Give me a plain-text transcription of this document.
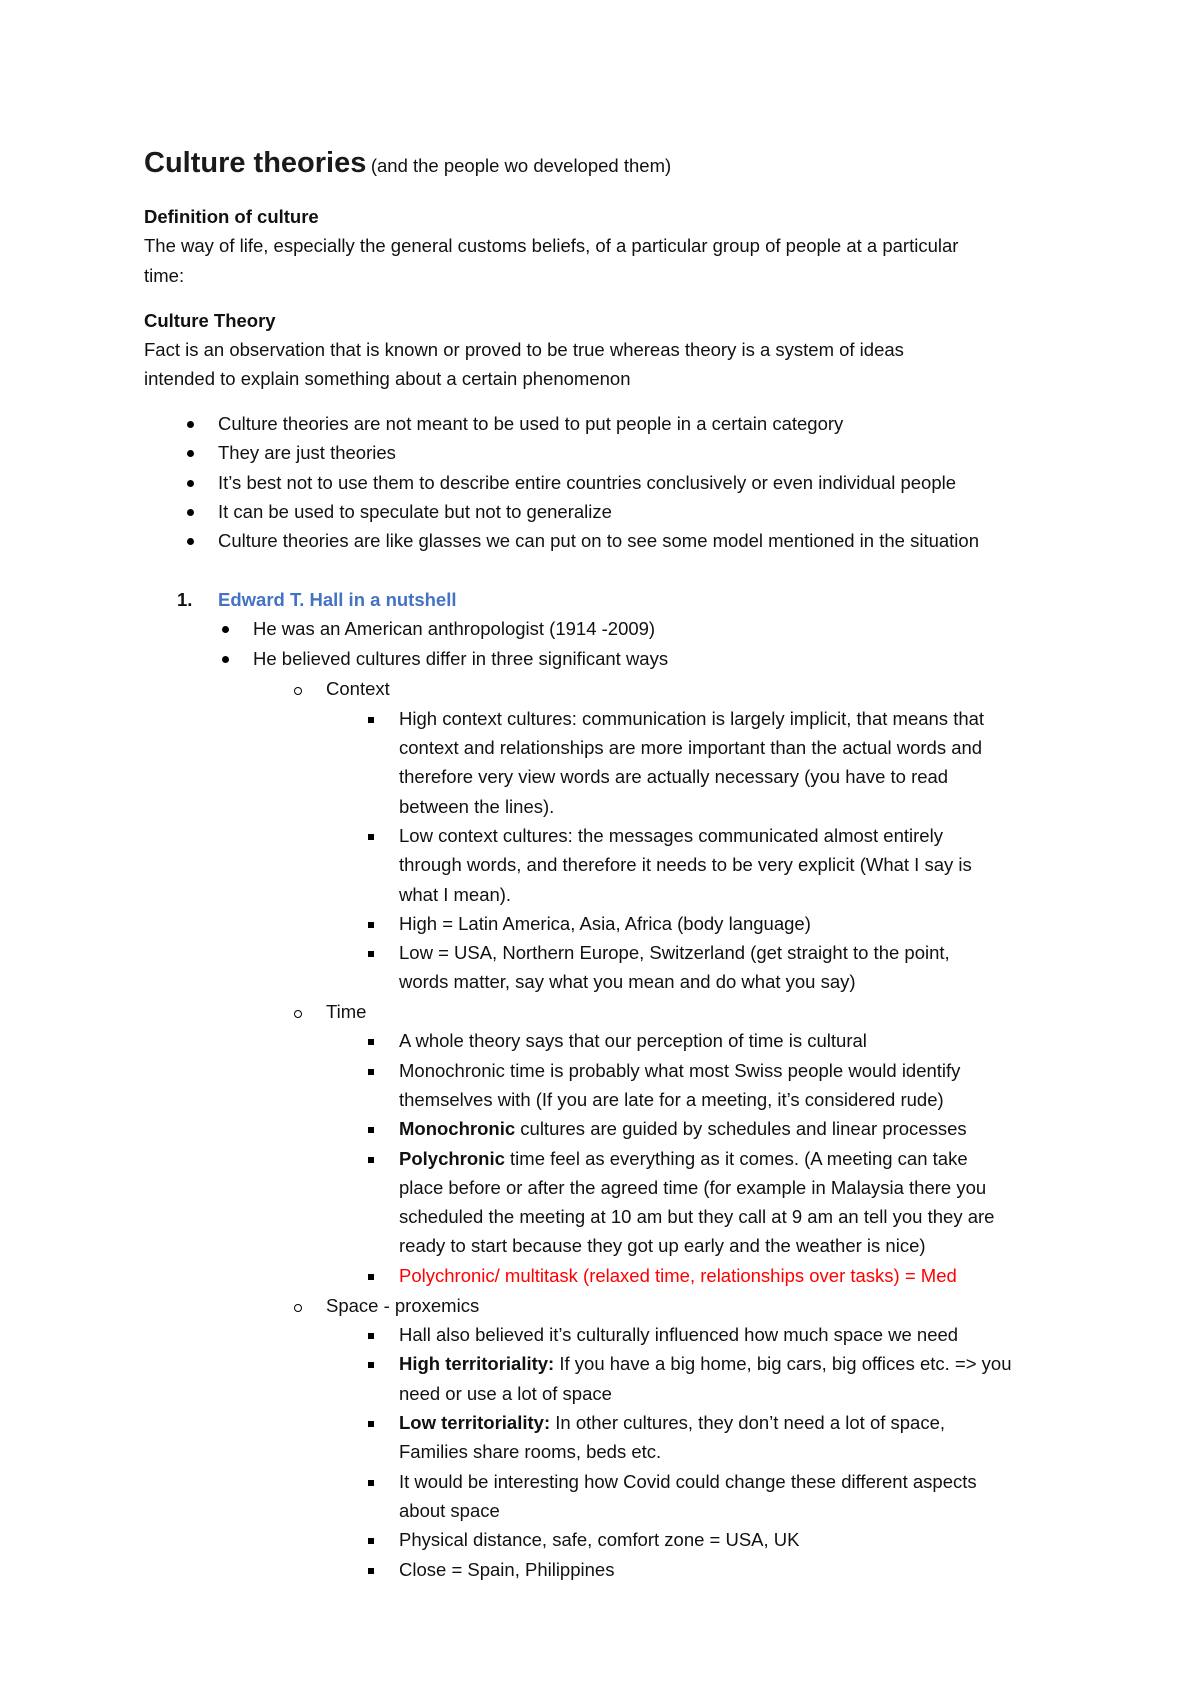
Culture theories (and the people wo developed them)
Definition of culture
The way of life, especially the general customs beliefs, of a particular group of people at a particular
time:
Culture Theory
Fact is an observation that is known or proved to be true whereas theory is a system of ideas
intended to explain something about a certain phenomenon
Culture theories are not meant to be used to put people in a certain category
They are just theories
It’s best not to use them to describe entire countries conclusively or even individual people
It can be used to speculate but not to generalize
Culture theories are like glasses we can put on to see some model mentioned in the situation
1. Edward T. Hall in a nutshell
He was an American anthropologist (1914 -2009)
He believed cultures differ in three significant ways
Context
High context cultures: communication is largely implicit, that means that
context and relationships are more important than the actual words and
therefore very view words are actually necessary (you have to read
between the lines).
Low context cultures: the messages communicated almost entirely
through words, and therefore it needs to be very explicit (What I say is
what I mean).
High = Latin America, Asia, Africa (body language)
Low = USA, Northern Europe, Switzerland (get straight to the point,
words matter, say what you mean and do what you say)
Time
A whole theory says that our perception of time is cultural
Monochronic time is probably what most Swiss people would identify
themselves with (If you are late for a meeting, it’s considered rude)
Monochronic cultures are guided by schedules and linear processes
Polychronic time feel as everything as it comes. (A meeting can take
place before or after the agreed time (for example in Malaysia there you
scheduled the meeting at 10 am but they call at 9 am an tell you they are
ready to start because they got up early and the weather is nice)
Polychronic/ multitask (relaxed time, relationships over tasks) = Med
Space - proxemics
Hall also believed it’s culturally influenced how much space we need
High territoriality: If you have a big home, big cars, big offices etc. => you
need or use a lot of space
Low territoriality: In other cultures, they don’t need a lot of space,
Families share rooms, beds etc.
It would be interesting how Covid could change these different aspects
about space
Physical distance, safe, comfort zone = USA, UK
Close = Spain, Philippines
